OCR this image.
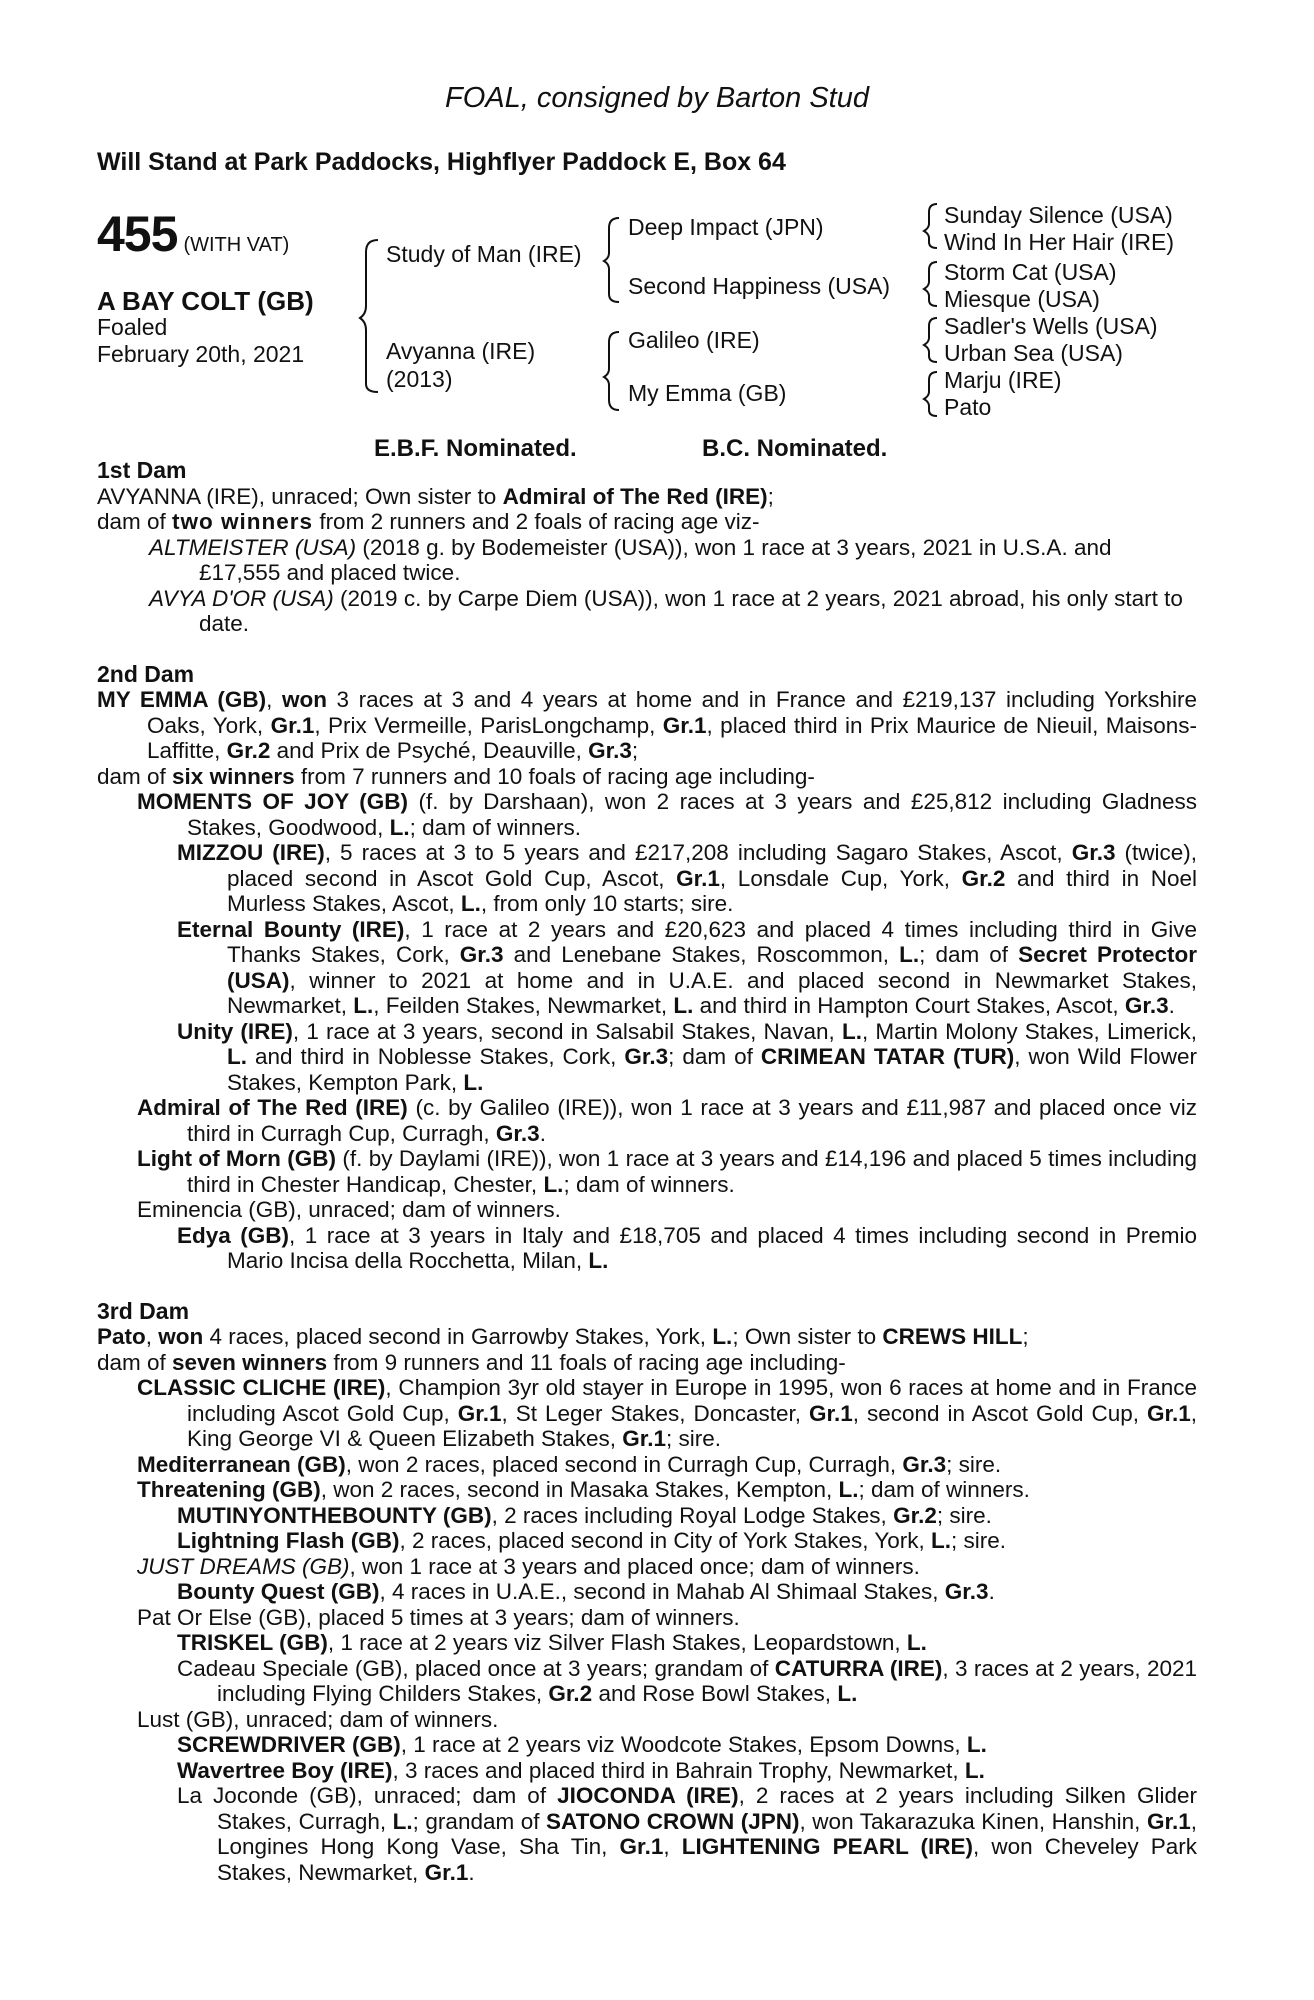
FOAL, consigned by Barton Stud
Will Stand at Park Paddocks, Highflyer Paddock E, Box 64
455 (WITH VAT)
A BAY COLT (GB)
Foaled
February 20th, 2021
Study of Man (IRE)
Avyanna (IRE)
(2013)
Deep Impact (JPN)
Second Happiness (USA)
Galileo (IRE)
My Emma (GB)
Sunday Silence (USA)
Wind In Her Hair (IRE)
Storm Cat (USA)
Miesque (USA)
Sadler's Wells (USA)
Urban Sea (USA)
Marju (IRE)
Pato
E.B.F. Nominated.	B.C. Nominated.
1st Dam
AVYANNA (IRE), unraced; Own sister to Admiral of The Red (IRE);
dam of two winners from 2 runners and 2 foals of racing age viz-
ALTMEISTER (USA) (2018 g. by Bodemeister (USA)), won 1 race at 3 years, 2021 in U.S.A. and £17,555 and placed twice.
AVYA D'OR (USA) (2019 c. by Carpe Diem (USA)), won 1 race at 2 years, 2021 abroad, his only start to date.
2nd Dam
MY EMMA (GB), won 3 races at 3 and 4 years at home and in France and £219,137 including Yorkshire Oaks, York, Gr.1, Prix Vermeille, ParisLongchamp, Gr.1, placed third in Prix Maurice de Nieuil, Maisons-Laffitte, Gr.2 and Prix de Psyché, Deauville, Gr.3;
dam of six winners from 7 runners and 10 foals of racing age including-
MOMENTS OF JOY (GB) (f. by Darshaan), won 2 races at 3 years and £25,812 including Gladness Stakes, Goodwood, L.; dam of winners.
MIZZOU (IRE), 5 races at 3 to 5 years and £217,208 including Sagaro Stakes, Ascot, Gr.3 (twice), placed second in Ascot Gold Cup, Ascot, Gr.1, Lonsdale Cup, York, Gr.2 and third in Noel Murless Stakes, Ascot, L., from only 10 starts; sire.
Eternal Bounty (IRE), 1 race at 2 years and £20,623 and placed 4 times including third in Give Thanks Stakes, Cork, Gr.3 and Lenebane Stakes, Roscommon, L.; dam of Secret Protector (USA), winner to 2021 at home and in U.A.E. and placed second in Newmarket Stakes, Newmarket, L., Feilden Stakes, Newmarket, L. and third in Hampton Court Stakes, Ascot, Gr.3.
Unity (IRE), 1 race at 3 years, second in Salsabil Stakes, Navan, L., Martin Molony Stakes, Limerick, L. and third in Noblesse Stakes, Cork, Gr.3; dam of CRIMEAN TATAR (TUR), won Wild Flower Stakes, Kempton Park, L.
Admiral of The Red (IRE) (c. by Galileo (IRE)), won 1 race at 3 years and £11,987 and placed once viz third in Curragh Cup, Curragh, Gr.3.
Light of Morn (GB) (f. by Daylami (IRE)), won 1 race at 3 years and £14,196 and placed 5 times including third in Chester Handicap, Chester, L.; dam of winners.
Eminencia (GB), unraced; dam of winners.
Edya (GB), 1 race at 3 years in Italy and £18,705 and placed 4 times including second in Premio Mario Incisa della Rocchetta, Milan, L.
3rd Dam
Pato, won 4 races, placed second in Garrowby Stakes, York, L.; Own sister to CREWS HILL;
dam of seven winners from 9 runners and 11 foals of racing age including-
CLASSIC CLICHE (IRE), Champion 3yr old stayer in Europe in 1995, won 6 races at home and in France including Ascot Gold Cup, Gr.1, St Leger Stakes, Doncaster, Gr.1, second in Ascot Gold Cup, Gr.1, King George VI & Queen Elizabeth Stakes, Gr.1; sire.
Mediterranean (GB), won 2 races, placed second in Curragh Cup, Curragh, Gr.3; sire.
Threatening (GB), won 2 races, second in Masaka Stakes, Kempton, L.; dam of winners.
MUTINYONTHEBOUNTY (GB), 2 races including Royal Lodge Stakes, Gr.2; sire.
Lightning Flash (GB), 2 races, placed second in City of York Stakes, York, L.; sire.
JUST DREAMS (GB), won 1 race at 3 years and placed once; dam of winners.
Bounty Quest (GB), 4 races in U.A.E., second in Mahab Al Shimaal Stakes, Gr.3.
Pat Or Else (GB), placed 5 times at 3 years; dam of winners.
TRISKEL (GB), 1 race at 2 years viz Silver Flash Stakes, Leopardstown, L.
Cadeau Speciale (GB), placed once at 3 years; grandam of CATURRA (IRE), 3 races at 2 years, 2021 including Flying Childers Stakes, Gr.2 and Rose Bowl Stakes, L.
Lust (GB), unraced; dam of winners.
SCREWDRIVER (GB), 1 race at 2 years viz Woodcote Stakes, Epsom Downs, L.
Wavertree Boy (IRE), 3 races and placed third in Bahrain Trophy, Newmarket, L.
La Joconde (GB), unraced; dam of JIOCONDA (IRE), 2 races at 2 years including Silken Glider Stakes, Curragh, L.; grandam of SATONO CROWN (JPN), won Takarazuka Kinen, Hanshin, Gr.1, Longines Hong Kong Vase, Sha Tin, Gr.1, LIGHTENING PEARL (IRE), won Cheveley Park Stakes, Newmarket, Gr.1.
